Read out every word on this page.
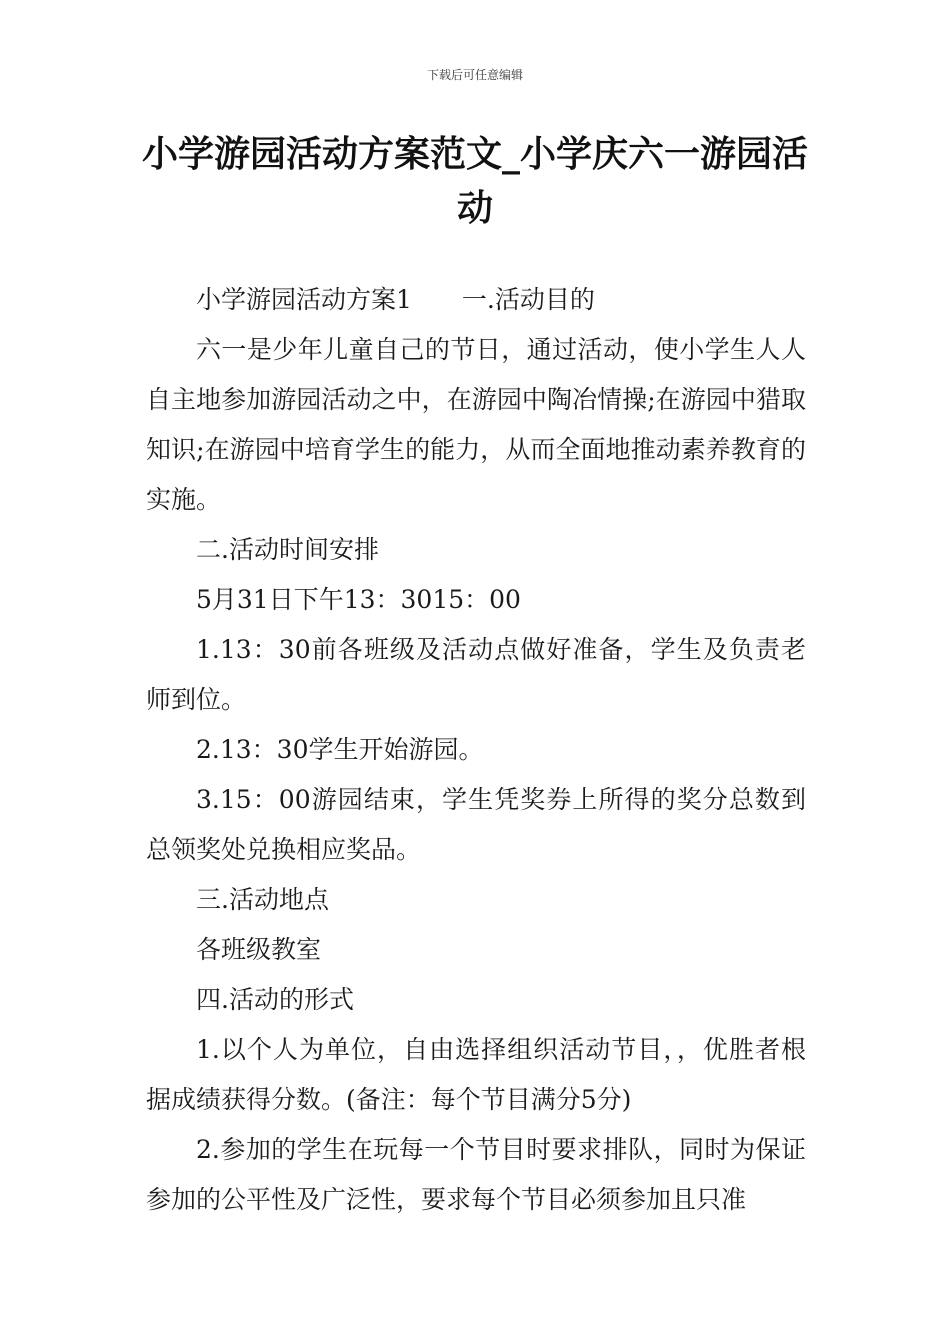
下载后可任意编辑
小学游园活动方案范文_小学庆六一游园活动

小学游园活动方案1　　一.活动目的

六一是少年儿童自己的节日，通过活动，使小学生人人自主地参加游园活动之中，在游园中陶冶情操;在游园中猎取知识;在游园中培育学生的能力，从而全面地推动素养教育的实施。

二.活动时间安排

5月31日下午13：3015：00

1.13：30前各班级及活动点做好准备，学生及负责老师到位。

2.13：30学生开始游园。

3.15：00游园结束，学生凭奖券上所得的奖分总数到总领奖处兑换相应奖品。

三.活动地点

各班级教室

四.活动的形式

1.以个人为单位，自由选择组织活动节目，，优胜者根据成绩获得分数。(备注：每个节目满分5分)

2.参加的学生在玩每一个节目时要求排队，同时为保证参加的公平性及广泛性，要求每个节目必须参加且只准
